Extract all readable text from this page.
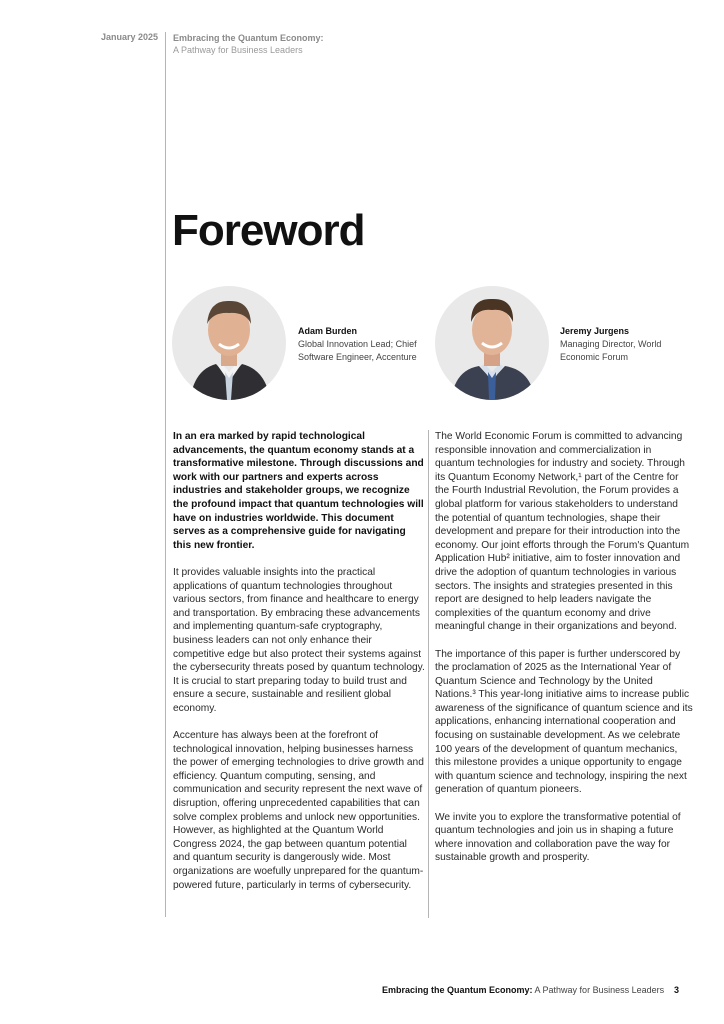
January 2025 Embracing the Quantum Economy:
A Pathway for Business Leaders
Foreword
Adam Burden
Global Innovation Lead; Chief Software Engineer, Accenture
Jeremy Jurgens
Managing Director, World Economic Forum

In an era marked by rapid technological advancements, the quantum economy stands at a transformative milestone. Through discussions and work with our partners and experts across industries and stakeholder groups, we recognize the profound impact that quantum technologies will have on industries worldwide. This document serves as a comprehensive guide for navigating this new frontier.

It provides valuable insights into the practical applications of quantum technologies throughout various sectors, from finance and healthcare to energy and transportation. By embracing these advancements and implementing quantum-safe cryptography, business leaders can not only enhance their competitive edge but also protect their systems against the cybersecurity threats posed by quantum technology. It is crucial to start preparing today to build trust and ensure a secure, sustainable and resilient global economy.

Accenture has always been at the forefront of technological innovation, helping businesses harness the power of emerging technologies to drive growth and efficiency. Quantum computing, sensing, and communication and security represent the next wave of disruption, offering unprecedented capabilities that can solve complex problems and unlock new opportunities. However, as highlighted at the Quantum World Congress 2024, the gap between quantum potential and quantum security is dangerously wide. Most organizations are woefully unprepared for the quantum-powered future, particularly in terms of cybersecurity.

The World Economic Forum is committed to advancing responsible innovation and commercialization in quantum technologies for industry and society. Through its Quantum Economy Network,¹ part of the Centre for the Fourth Industrial Revolution, the Forum provides a global platform for various stakeholders to understand the potential of quantum technologies, shape their development and prepare for their introduction into the economy. Our joint efforts through the Forum's Quantum Application Hub² initiative, aim to foster innovation and drive the adoption of quantum technologies in various sectors. The insights and strategies presented in this report are designed to help leaders navigate the complexities of the quantum economy and drive meaningful change in their organizations and beyond.

The importance of this paper is further underscored by the proclamation of 2025 as the International Year of Quantum Science and Technology by the United Nations.³ This year-long initiative aims to increase public awareness of the significance of quantum science and its applications, enhancing international cooperation and focusing on sustainable development. As we celebrate 100 years of the development of quantum mechanics, this milestone provides a unique opportunity to engage with quantum science and technology, inspiring the next generation of quantum pioneers.

We invite you to explore the transformative potential of quantum technologies and join us in shaping a future where innovation and collaboration pave the way for sustainable growth and prosperity.

Embracing the Quantum Economy: A Pathway for Business Leaders 3
